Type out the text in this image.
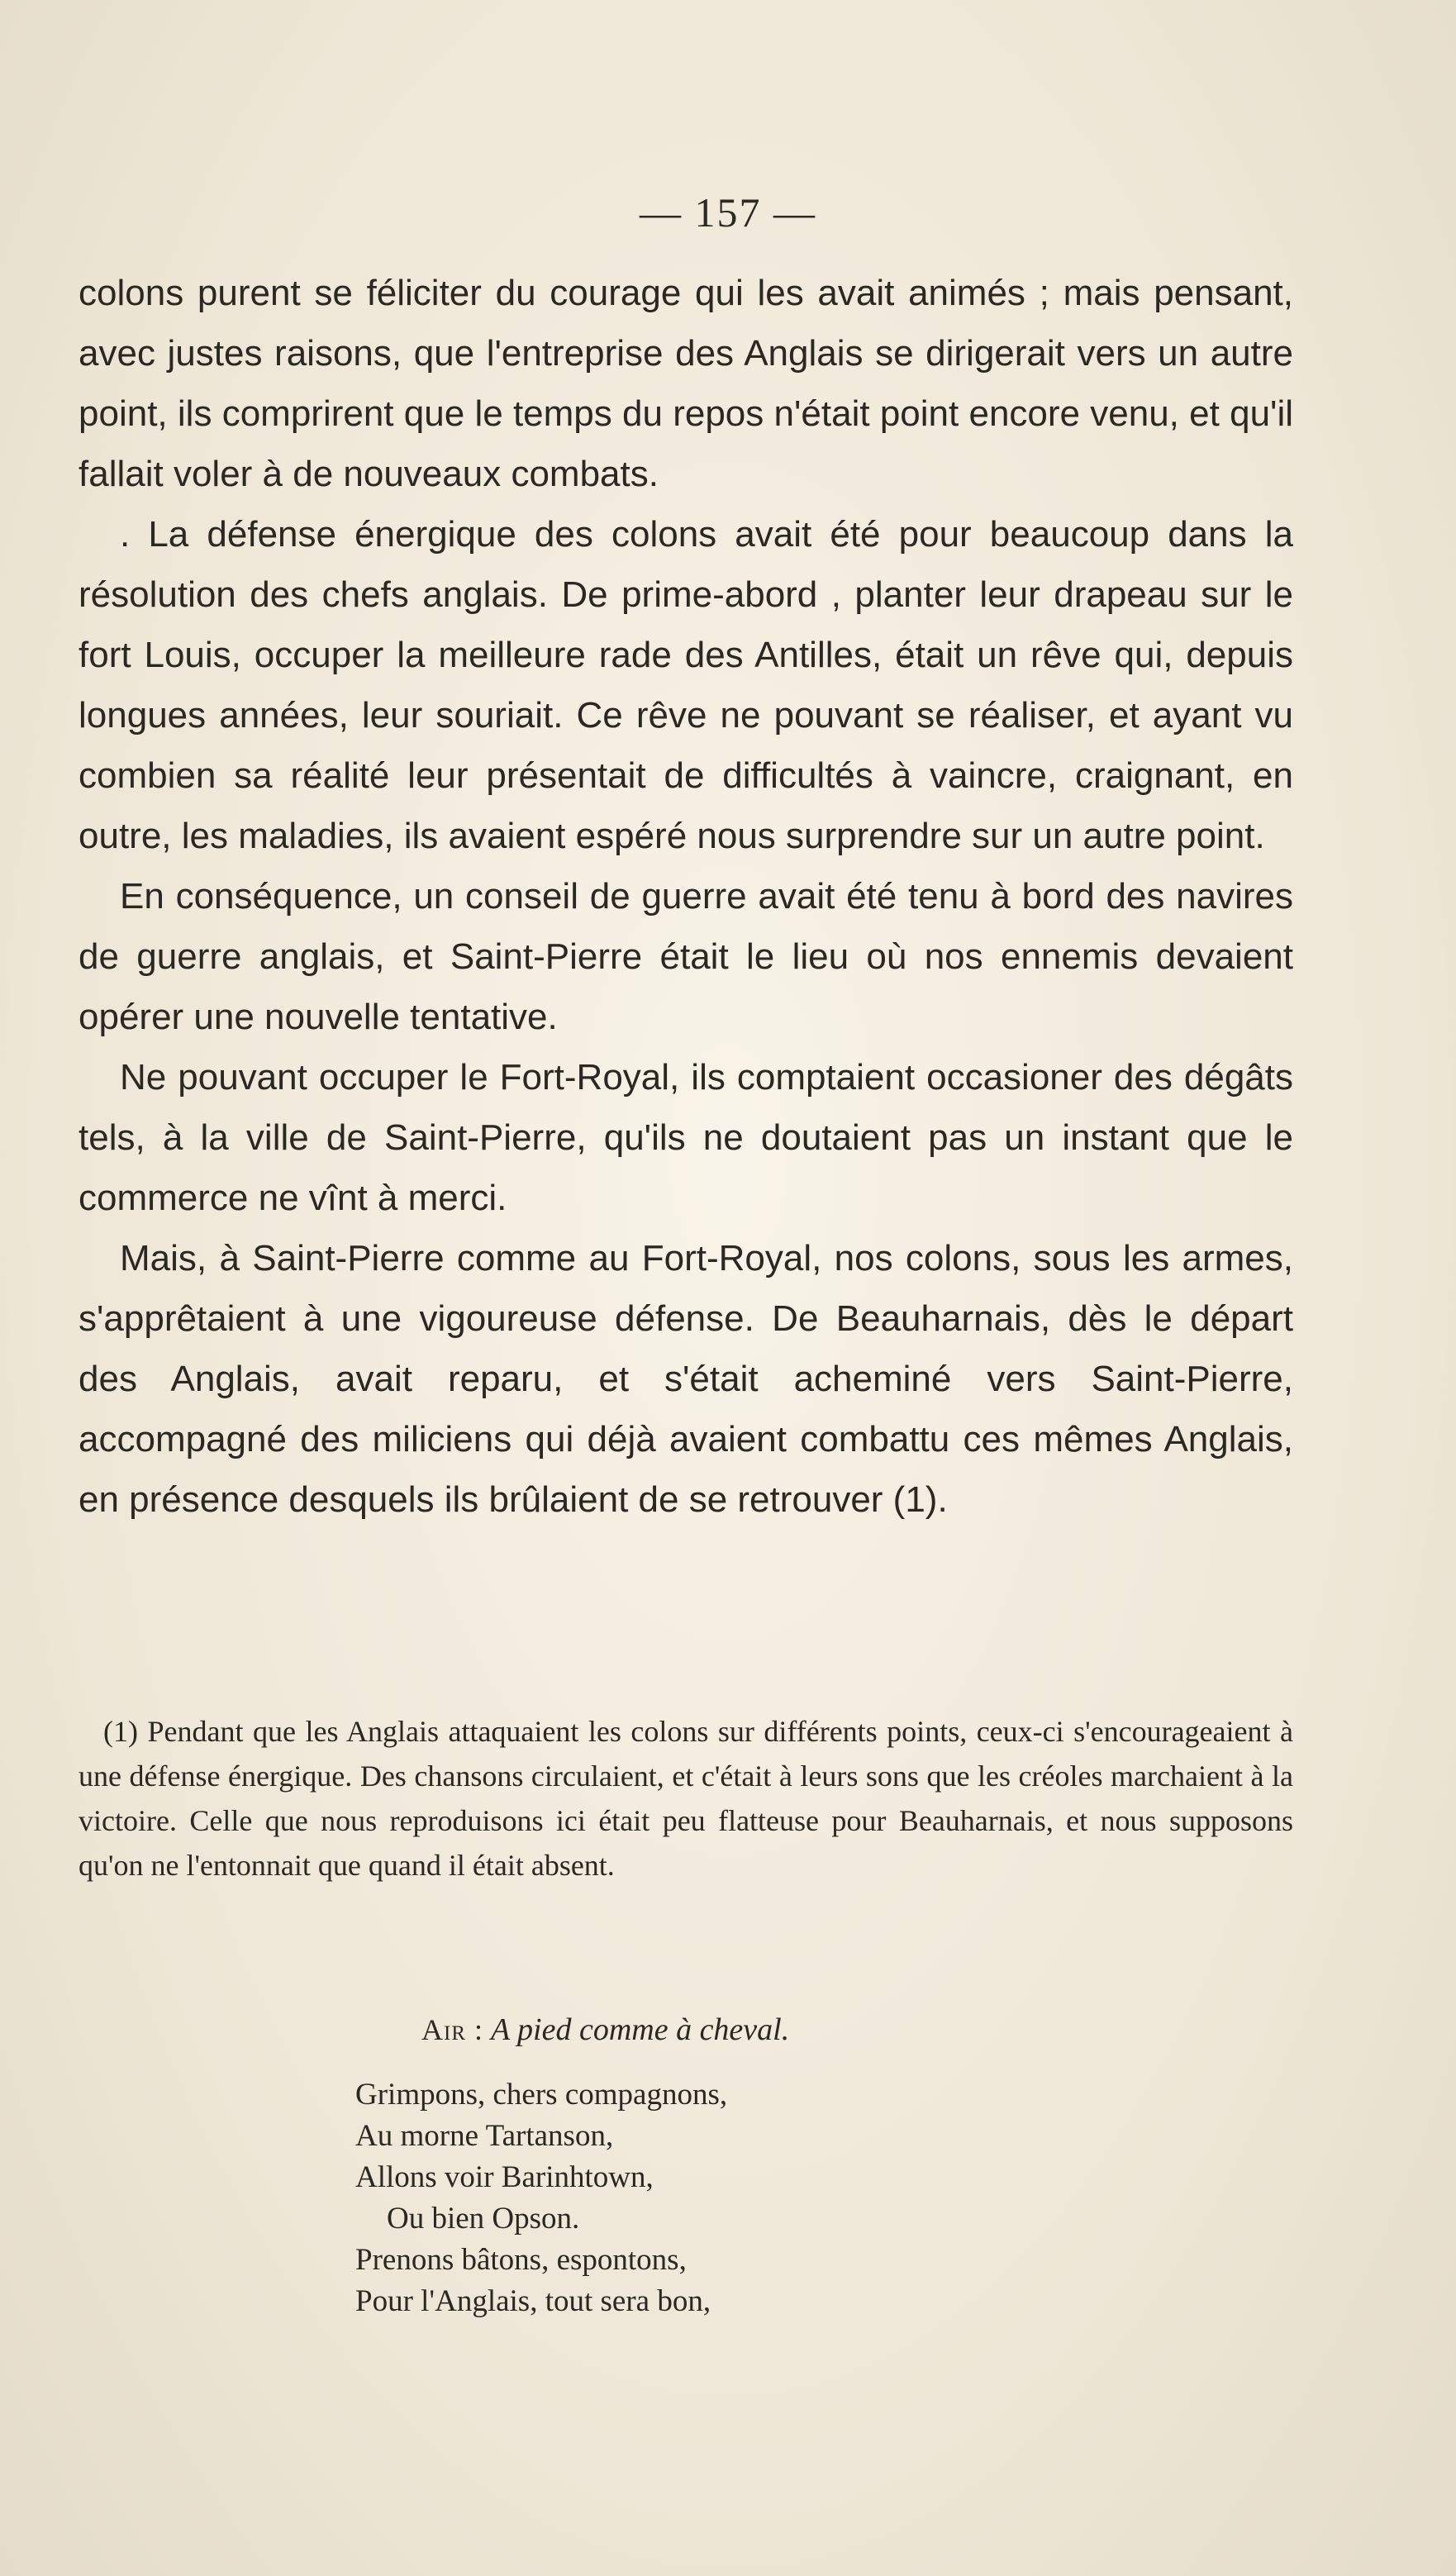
— 157 —

colons purent se féliciter du courage qui les avait animés ; mais pensant, avec justes raisons, que l'entreprise des Anglais se dirigerait vers un autre point, ils comprirent que le temps du repos n'était point encore venu, et qu'il fallait voler à de nouveaux combats.

. La défense énergique des colons avait été pour beaucoup dans la résolution des chefs anglais. De prime-abord , planter leur drapeau sur le fort Louis, occuper la meilleure rade des Antilles, était un rêve qui, depuis longues années, leur souriait. Ce rêve ne pouvant se réaliser, et ayant vu combien sa réalité leur présentait de difficultés à vaincre, craignant, en outre, les maladies, ils avaient espéré nous surprendre sur un autre point.

En conséquence, un conseil de guerre avait été tenu à bord des navires de guerre anglais, et Saint-Pierre était le lieu où nos ennemis devaient opérer une nouvelle tentative.

Ne pouvant occuper le Fort-Royal, ils comptaient occasioner des dégâts tels, à la ville de Saint-Pierre, qu'ils ne doutaient pas un instant que le commerce ne vînt à merci.

Mais, à Saint-Pierre comme au Fort-Royal, nos colons, sous les armes, s'apprêtaient à une vigoureuse défense. De Beauharnais, dès le départ des Anglais, avait reparu, et s'était acheminé vers Saint-Pierre, accompagné des miliciens qui déjà avaient combattu ces mêmes Anglais, en présence desquels ils brûlaient de se retrouver (1).

(1) Pendant que les Anglais attaquaient les colons sur différents points, ceux-ci s'encourageaient à une défense énergique. Des chansons circulaient, et c'était à leurs sons que les créoles marchaient à la victoire. Celle que nous reproduisons ici était peu flatteuse pour Beauharnais, et nous supposons qu'on ne l'entonnait que quand il était absent.
Air : A pied comme à cheval.
Grimpons, chers compagnons,
Au morne Tartanson,
Allons voir Barinhtown,
Ou bien Opson.
Prenons bâtons, espontons,
Pour l'Anglais, tout sera bon,
